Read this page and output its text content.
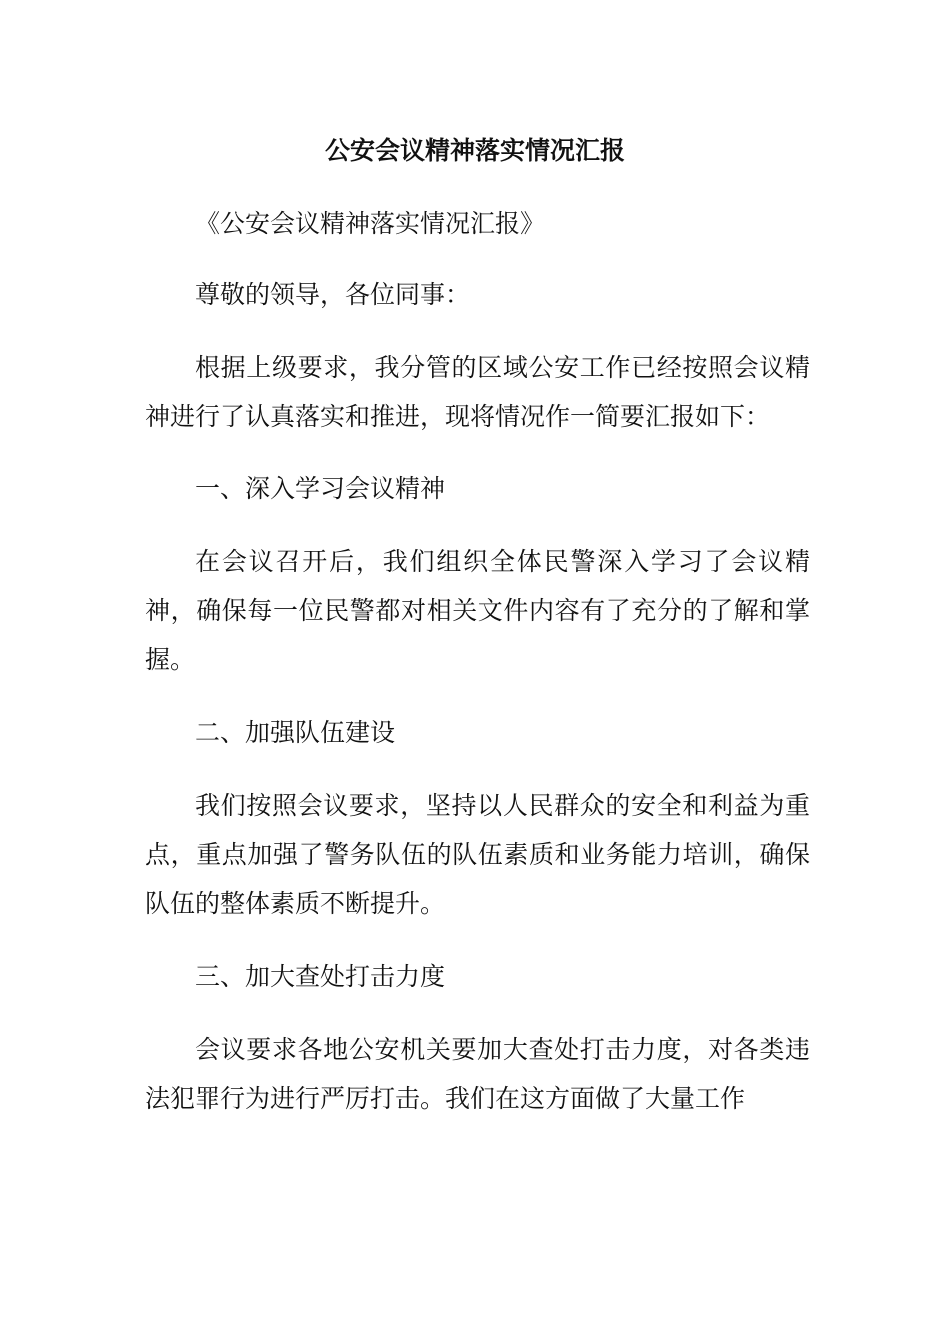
公安会议精神落实情况汇报

《公安会议精神落实情况汇报》

尊敬的领导，各位同事：

根据上级要求，我分管的区域公安工作已经按照会议精神进行了认真落实和推进，现将情况作一简要汇报如下：

一、深入学习会议精神

在会议召开后，我们组织全体民警深入学习了会议精神，确保每一位民警都对相关文件内容有了充分的了解和掌握。

二、加强队伍建设

我们按照会议要求，坚持以人民群众的安全和利益为重点，重点加强了警务队伍的队伍素质和业务能力培训，确保队伍的整体素质不断提升。

三、加大查处打击力度

会议要求各地公安机关要加大查处打击力度，对各类违法犯罪行为进行严厉打击。我们在这方面做了大量工作
